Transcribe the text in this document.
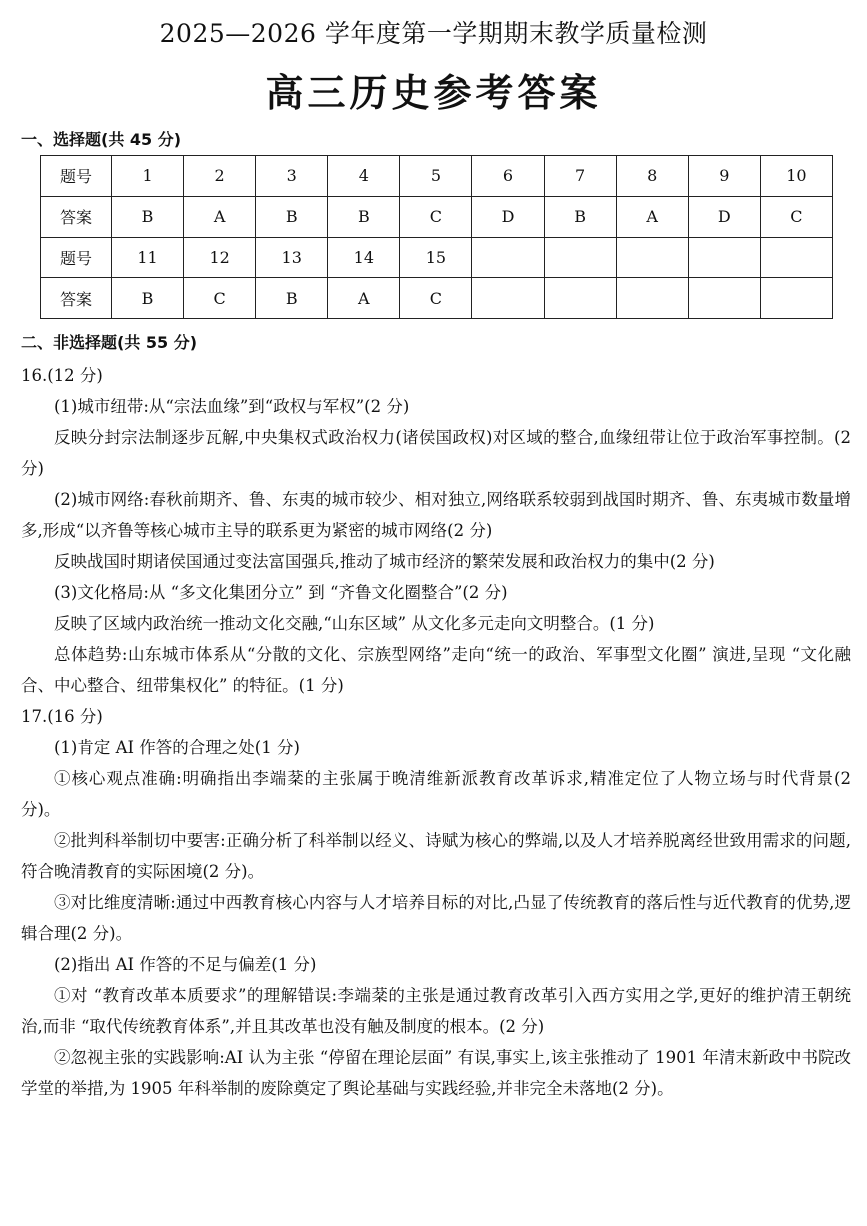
2025—2026 学年度第一学期期末教学质量检测
高三历史参考答案
一、选择题(共 45 分)
题号	1	2	3	4	5	6	7	8	9	10
答案	B	A	B	B	C	D	B	A	D	C
题号	11	12	13	14	15					
答案	B	C	B	A	C					
二、非选择题(共 55 分)

16.(12 分)

(1)城市纽带:从“宗法血缘”到“政权与军权”(2 分)

反映分封宗法制逐步瓦解,中央集权式政治权力(诸侯国政权)对区域的整合,血缘纽带让位于政治军事控制。(2 分)

(2)城市网络:春秋前期齐、鲁、东夷的城市较少、相对独立,网络联系较弱到战国时期齐、鲁、东夷城市数量增多,形成“以齐鲁等核心城市主导的联系更为紧密的城市网络(2 分)

反映战国时期诸侯国通过变法富国强兵,推动了城市经济的繁荣发展和政治权力的集中(2 分)

(3)文化格局:从 “多文化集团分立” 到 “齐鲁文化圈整合”(2 分)

反映了区域内政治统一推动文化交融,“山东区域” 从文化多元走向文明整合。(1 分)

总体趋势:山东城市体系从“分散的文化、宗族型网络”走向“统一的政治、军事型文化圈” 演进,呈现 “文化融合、中心整合、纽带集权化” 的特征。(1 分)

17.(16 分)

(1)肯定 AI 作答的合理之处(1 分)

①核心观点准确:明确指出李端棻的主张属于晚清维新派教育改革诉求,精准定位了人物立场与时代背景(2 分)。

②批判科举制切中要害:正确分析了科举制以经义、诗赋为核心的弊端,以及人才培养脱离经世致用需求的问题,符合晚清教育的实际困境(2 分)。

③对比维度清晰:通过中西教育核心内容与人才培养目标的对比,凸显了传统教育的落后性与近代教育的优势,逻辑合理(2 分)。

(2)指出 AI 作答的不足与偏差(1 分)

①对 “教育改革本质要求”的理解错误:李端棻的主张是通过教育改革引入西方实用之学,更好的维护清王朝统治,而非 “取代传统教育体系”,并且其改革也没有触及制度的根本。(2 分)

②忽视主张的实践影响:AI 认为主张 “停留在理论层面” 有误,事实上,该主张推动了 1901 年清末新政中书院改学堂的举措,为 1905 年科举制的废除奠定了舆论基础与实践经验,并非完全未落地(2 分)。
